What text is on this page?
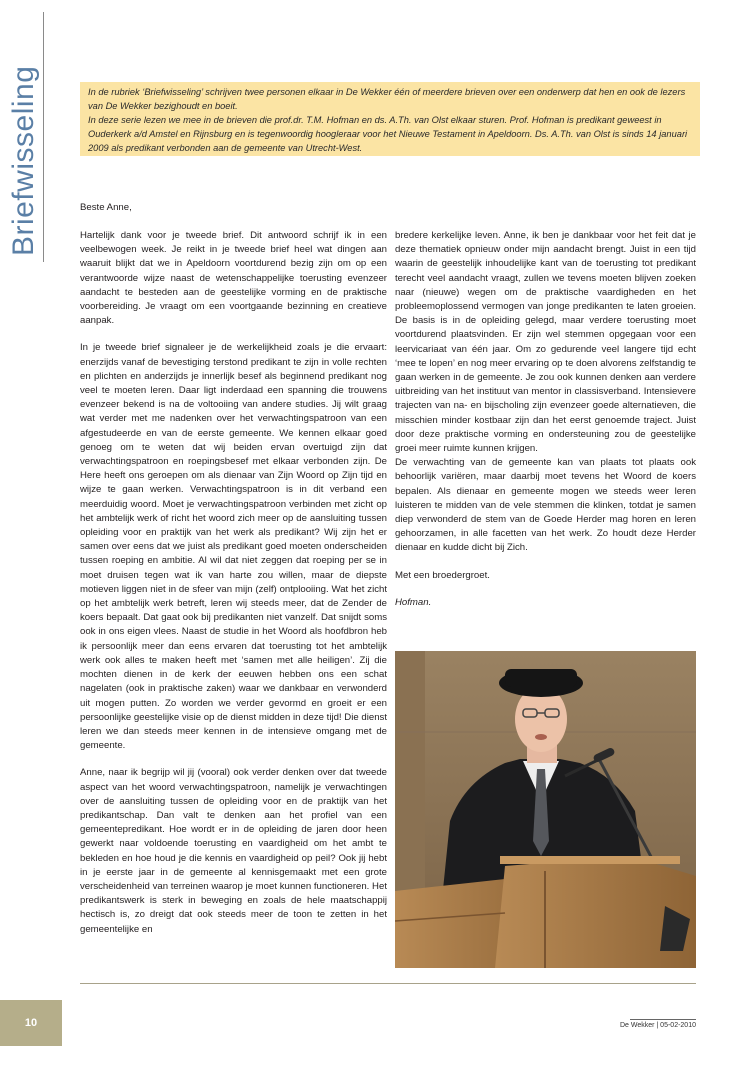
Briefwisseling	In de rubriek ‘Briefwisseling’ schrijven twee personen elkaar in De Wekker één of meerdere brieven over een onderwerp dat hen en ook de lezers van De Wekker bezighoudt en boeit.

In deze serie lezen we mee in de brieven die prof.dr. T.M. Hofman en ds. A.Th. van Olst elkaar sturen. Prof. Hofman is predikant geweest in Ouderkerk a/d Amstel en Rijnsburg en is tegenwoordig hoogleraar voor het Nieuwe Testament in Apeldoorn. Ds. A.Th. van Olst is sinds 14 januari 2009 als predikant verbonden aan de gemeente van Utrecht-West.

Beste Anne,

Hartelijk dank voor je tweede brief. Dit antwoord schrijf ik in een veelbewogen week. Je reikt in je tweede brief heel wat dingen aan waaruit blijkt dat we in Apeldoorn voortdurend bezig zijn om op een verantwoorde wijze naast de wetenschappelijke toerusting evenzeer aandacht te besteden aan de geestelijke vorming en de praktische voorbereiding. Je vraagt om een voortgaande bezinning en creatieve aanpak.

In je tweede brief signaleer je de werkelijkheid zoals je die ervaart: enerzijds vanaf de bevestiging terstond predikant te zijn in volle rechten en plichten en anderzijds je innerlijk besef als beginnend predikant nog veel te moeten leren. Daar ligt inderdaad een spanning die trouwens evenzeer bekend is na de voltooiing van andere studies. Jij wilt graag wat verder met me nadenken over het verwachtingspatroon van een afgestudeerde en van de eerste gemeente. We kennen elkaar goed genoeg om te weten dat wij beiden ervan overtuigd zijn dat verwachtingspatroon en roepingsbesef met elkaar verbonden zijn. De Here heeft ons geroepen om als dienaar van Zijn Woord op Zijn tijd en wijze te gaan werken. Verwachtingspatroon is in dit verband een meerduidig woord. Moet je verwachtingspatroon verbinden met zicht op het ambtelijk werk of richt het woord zich meer op de aansluiting tussen opleiding voor en praktijk van het werk als predikant? Wij zijn het er samen over eens dat we juist als predikant goed moeten onderscheiden tussen roeping en ambitie. Al wil dat niet zeggen dat roeping per se in moet druisen tegen wat ik van harte zou willen, maar de diepste motieven liggen niet in de sfeer van mijn (zelf) ontplooiing. Wat het zicht op het ambtelijk werk betreft, leren wij steeds meer, dat de Zender de koers bepaalt. Dat gaat ook bij predikanten niet vanzelf. Dat snijdt soms ook in ons eigen vlees. Naast de studie in het Woord als hoofdbron heb ik persoonlijk meer dan eens ervaren dat toerusting tot het ambtelijk werk ook alles te maken heeft met ‘samen met alle heiligen’. Zij die mochten dienen in de kerk der eeuwen hebben ons een schat nagelaten (ook in praktische zaken) waar we dankbaar en verwonderd uit mogen putten. Zo worden we verder gevormd en groeit er een persoonlijke geestelijke visie op de dienst midden in deze tijd! Die dienst leren we dan steeds meer kennen in de intensieve omgang met de gemeente.

Anne, naar ik begrijp wil jij (vooral) ook verder denken over dat tweede aspect van het woord verwachtingspatroon, namelijk je verwachtingen over de aansluiting tussen de opleiding voor en de praktijk van het predikantschap. Dan valt te denken aan het profiel van een gemeentepredikant. Hoe wordt er in de opleiding de jaren door heen gewerkt naar voldoende toerusting en vaardigheid om het ambt te bekleden en hoe houd je die kennis en vaardigheid op peil? Ook jij hebt in je eerste jaar in de gemeente al kennisgemaakt met een grote verscheidenheid van terreinen waarop je moet kunnen functioneren. Het predikantswerk is sterk in beweging en zoals de hele maatschappij hectisch is, zo dreigt dat ook steeds meer de toon te zetten in het gemeentelijke en

bredere kerkelijke leven. Anne, ik ben je dankbaar voor het feit dat je deze thematiek opnieuw onder mijn aandacht brengt. Juist in een tijd waarin de geestelijk inhoudelijke kant van de toerusting tot predikant terecht veel aandacht vraagt, zullen we tevens moeten blijven zoeken naar (nieuwe) wegen om de praktische vaardigheden en het probleemoplossend vermogen van jonge predikanten te laten groeien. De basis is in de opleiding gelegd, maar verdere toerusting moet voortdurend plaatsvinden. Er zijn wel stemmen opgegaan voor een leervicariaat van één jaar. Om zo gedurende veel langere tijd echt ‘mee te lopen’ en nog meer ervaring op te doen alvorens zelfstandig te gaan werken in de gemeente. Je zou ook kunnen denken aan verdere uitbreiding van het instituut van mentor in classisverband. Intensievere trajecten van na- en bijscholing zijn evenzeer goede alternatieven, die misschien minder kostbaar zijn dan het eerst genoemde traject. Juist door deze praktische vorming en ondersteuning zou de geestelijke groei meer ruimte kunnen krijgen.

De verwachting van de gemeente kan van plaats tot plaats ook behoorlijk variëren, maar daarbij moet tevens het Woord de koers bepalen. Als dienaar en gemeente mogen we steeds weer leren luisteren te midden van de vele stemmen die klinken, totdat je samen diep verwonderd de stem van de Goede Herder mag horen en leren gehoorzamen, in alle facetten van het werk. Zo houdt deze Herder dienaar en kudde dicht bij Zich.

Met een broedergroet.

Hofman.

10	De Wekker | 05-02-2010
